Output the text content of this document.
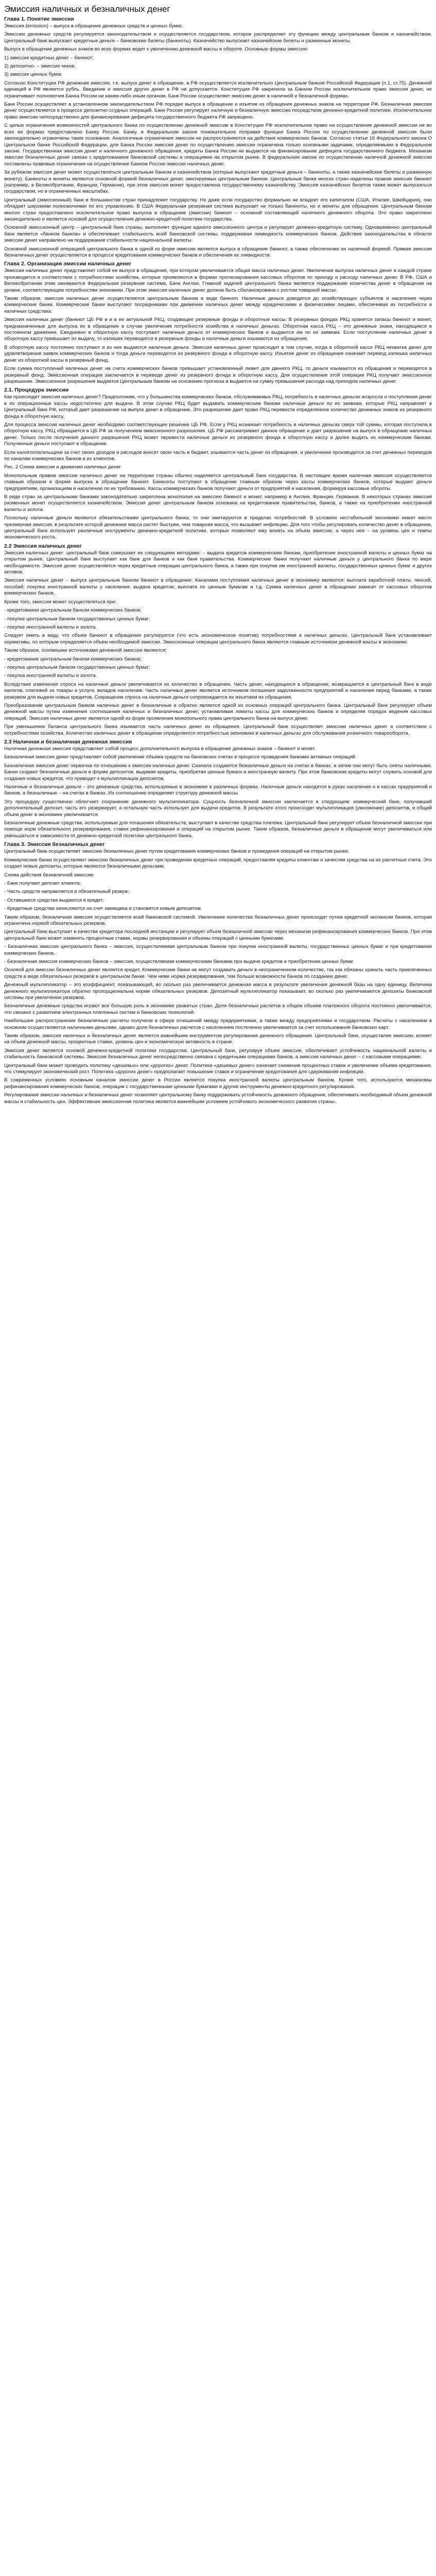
Эмиссия наличных и безналичных денег
Глава 1. Понятие эмиссии

Эмиссия (emission) – выпуск в обращение денежных средств и ценных бумаг.

Эмиссию денежных средств регулируется законодательством и осуществляется государством, которое распределяет эту функцию между центральным банком и казначейством. Центральный банк выпускает кредитные деньги – банковские билеты (банкноты). Казначейство выпускает казначейские билеты и разменные монеты.

Выпуск в обращение денежных знаков во всех формах ведет к увеличению денежной массы в обороте. Основные формы эмиссии:

1) эмиссия кредитных денег – банкнот;

2) депозитно- – эмиссия чеков;

3) эмиссия ценных бумаг.

Согласно Конституции РФ денежная эмиссия, т.е. выпуск денег в обращение, в РФ осуществляется исключительно Центральным банком Российской Федерации (п.1, ст.75). Денежной единицей в РФ является рубль. Введение и эмиссия других денег в РФ не допускается. Конституция РФ закрепила за Банком России исключительное право эмиссии денег, не ограничивает полномочия Банка России ни каким-либо иным органом. Банк России осуществляет эмиссию денег в наличной и безналичной формах.

Банк России осуществляет в установленном законодательством РФ порядке выпуск в обращение и изъятие из обращения денежных знаков на территории РФ. Безналичная эмиссия денег осуществляется в процессе депозитно-ссудных операций. Банк России регулирует наличную и безналичную эмиссию посредством денежно-кредитной политики. Исключительное право эмиссии непосредственно для финансирования дефицита государственного бюджета РФ запрещено.

С целью ограничения возможностей центрального банка по осуществлению денежной эмиссии в Конституции РФ исключительное право на осуществление денежной эмиссии не во всех ее формах предоставлено Банку России. Банку, в Федеральном законе понижательное поправки функции Банка России по осуществлению денежной эмиссии были законодательно ограничены такие основания. Аналогичные ограничения эмиссии не распространяются на действия коммерческих банков. Согласно статье 16 Федерального закона О Центральном банке Российской Федерации, для Банка России эмиссия денег по осуществлению эмиссии ограничена только основными задачами, определяемыми в Федеральном законе. Государственная эмиссия денег и наличного денежного обращения, кредиты Банка России не выдаются на финансирование дефицита государственного бюджета. Механизм эмиссии безналичных денег связан с кредитованием банковской системы и операциями на открытом рынке. В федеральном законе по осуществлению наличной денежной эмиссии поставлены правовые ограничения на осуществление Банком России эмиссии наличных денег.

За рубежом эмиссия денег может осуществляться центральным банком и казначейством (которые выпускают кредитные деньги – банкноты, а также казначейские билеты и разменную монету). Банкноты и монеты являются основной формой безналичных денег, эмитируемых центральным банком. Центральные банки многих стран наделены правом эмиссии банкнот (например, в Великобритании, Франции, Германии), при этом эмиссия монет предоставлена государственному казначейству. Эмиссия казначейских билетов также может выпускаться государством, но в ограниченных масштабах.

Центральный (эмиссионный) банк в большинстве стран принадлежит государству. Но даже если государство формально не владеет его капиталом (США, Италия, Швейцария), оно обладает широкими полномочиями по его управлению. В США Федеральная резервная система выпускает не только банкноты, но и монеты для обращения. Центральным банкам многих стран предоставлено исключительное право выпуска в обращение (эмиссии) банкнот – основной составляющей наличного денежного оборота. Это право закреплено законодательно и является основой для осуществления денежно-кредитной политики государства.

Основной эмиссионный центр – центральный банк страны, выполняет функции единого эмиссионного центра и регулирует денежно-кредитную систему. Одновременно центральный банк является «банком банков» и обеспечивает стабильность всей банковской системы, поддерживая ликвидность коммерческих банков. Действие законодательства в области эмиссии денег направлено на поддержание стабильности национальной валюты.

Основной эмиссионной операцией центрального банка в одной из форм эмиссии является выпуск в обращение банкнот, а также обеспечение их наличной формой. Прямая эмиссия безналичных денег осуществляется в процессе кредитования коммерческих банков и обеспечения их ликвидности.

Глава 2. Организация эмиссии наличных денег

Эмиссия наличных денег представляет собой ее выпуск в обращение, при котором увеличивается общая масса наличных денег. Увеличение выпуска наличных денег в каждой стране производится в соответствии с потребностями хозяйства, которые проявляются в формах прогнозирования кассовых оборотов по приходу и расходу наличных денег. В РФ, США и Великобритании этим занимаются Федеральная резервная система, Банк Англии. Главной задачей центрального банка является поддержание количества денег в обращении на уровне, соответствующем потребностям экономики. При этом эмиссия наличных денег должна быть сбалансирована с ростом товарной массы.

Таким образом, эмиссия наличных денег осуществляется центральным банком в виде банкнот. Наличные деньги доводятся до хозяйствующих субъектов и населения через коммерческие банки. Коммерческие банки выступают посредниками при движении наличных денег между юридическими и физическими лицами, обеспечивая их потребности в наличных средствах.

Эмиссия наличных денег (банкнот ЦБ РФ и и в ее актуальной РКЦ, создающее резервные фонды и оборотные кассы. В резервных фондах РКЦ хранятся запасы банкнот и монет, предназначенные для выпуска их в обращение в случае увеличения потребности хозяйства в наличных деньгах. Оборотная касса РКЦ – это денежные знаки, находящиеся в постоянном движении. Ежедневно в оборотную кассу поступают наличные деньги от коммерческих банков и выдаются им по их заявкам. Если поступление наличных денег в оборотную кассу превышает их выдачу, то излишек переводится в резервные фонды и наличные деньги изымаются из обращения.

В оборотную кассу постоянно поступают и из нее выдаются наличные деньги. Эмиссия наличных денег происходит в том случае, когда в оборотной кассе РКЦ нехватка денег для удовлетворения заявок коммерческих банков и тогда деньги переводятся из резервного фонда в оборотную кассу. Изъятие денег из обращения означает перевод излишка наличных денег из оборотной кассы в резервный фонд.

Если сумма поступлений наличных денег на счета коммерческих банков превышает установленный лимит для данного РКЦ, то деньги изымаются из обращения и переводятся в резервный фонд. Эмиссионная операция заключается в переводе денег из резервного фонда в оборотную кассу. Для осуществления этой операции РКЦ получает эмиссионное разрешение. Эмиссионное разрешение выдается Центральным банком на основании прогноза и выдается на сумму превышения расхода над приходом наличных денег.

2.1. Процедура эмиссии

Как происходит эмиссия наличных денег? Предположим, что у большинства коммерческих банков, обслуживаемых РКЦ, потребность в наличных деньгах возросла и поступления денег в их операционные кассы недостаточно для выдачи. В этом случае РКЦ будет выдавать коммерческим банкам наличные деньги по их заявкам, которые РКЦ направляет в Центральный банк РФ, который дает разрешение на выпуск денег в обращение. Это разрешение дает право РКЦ перевести определенное количество денежных знаков из резервного фонда в оборотную кассу.

Для процесса эмиссии наличных денег необходимо соответствующее решение ЦБ РФ. Если у РКЦ возникает потребность в наличных деньгах сверх той суммы, которая поступила в оборотную кассу, РКЦ обращается в ЦБ РФ за получением эмиссионного разрешения. ЦБ РФ рассматривает данное обращение и дает разрешение на выпуск в обращение наличных денег. Только после получения данного разрешения РКЦ может перевести наличные деньги из резервного фонда в оборотную кассу и далее выдать их коммерческим банкам. Полученные деньги поступают в обращение.

Если налогоплательщики за счет своих доходов и расходов вносят свою часть в бюджет, изымается часть денег из обращения, и увеличение производится за счет денежных переводов по каналам коммерческих банков и их клиентов.

Рис. 2 Схема эмиссии и движения наличных денег

Монопольным правом эмиссии наличных денег на территории страны обычно наделяется центральный банк государства. В настоящее время наличная эмиссия осуществляется главным образом в форме выпуска в обращение банкнот. Банкноты поступают в обращение главным образом через кассы коммерческих банков, которые выдают деньги предприятиям, организациям и населению по их требованию. Кассы коммерческих банков получают деньги от предприятий и населения, формируя кассовые обороты.

В ряде стран за центральными банками законодательно закреплена монополия на эмиссию банкнот и монет, например в Англии, Франции, Германии. В некоторых странах эмиссия разменных монет осуществляется казначейством. Эмиссия денег центральным банком основана на кредитовании правительства, банков, а также на приобретении иностранной валюты и золота.

Поскольку наличные деньги являются обязательствами центрального банка, то они эмитируются в пределах потребностей. В условиях нестабильной экономики имеет место чрезмерная эмиссия, в результате которой денежная масса растет быстрее, чем товарная масса, что вызывает инфляцию. Для того чтобы регулировать количество денег в обращении, центральный банк использует различные инструменты денежно-кредитной политики, которые позволяют ему влиять на объем эмиссии, а через нее – на уровень цен и темпы экономического роста.

2.2 Эмиссия наличных денег

Эмиссия наличных денег: центральный банк совершает ее следующими методами: – выдача кредитов коммерческим банкам, приобретение иностранной валюты и ценных бумаг на открытом рынке. Центральный банк выступает как банк для банков и как банк правительства. Коммерческие банки получают наличные деньги у центрального банка по мере необходимости. Эмиссия денег осуществляется через кредитные операции центрального банка, а также при покупке им иностранной валюты, государственных ценных бумаг и других активов.

Эмиссия наличных денег – выпуск центральным банком банкнот в обращение. Каналами поступления наличных денег в экономику являются: выплата заработной платы, пенсий, пособий; покупка иностранной валюты у населения; выдача кредитов; выплата по ценным бумагам и т.д. Сумма наличных денег в обращении зависит от кассовых оборотов коммерческих банков.

Кроме того, эмиссия может осуществляться при:

- кредитовании центральным банком коммерческих банков;

- покупке центральным банком государственных ценных бумаг;

- покупке иностранной валюты и золота.

Следует иметь в виду, что объем банкнот в обращении регулируется (что есть экономическое понятие) потребностями в наличных деньгах. Центральный банк устанавливает нормативы, по которым определяется объем необходимой эмиссии. Эмиссионные операции центрального банка являются главным источником денежной массы в экономике.

Таким образом, основными источниками денежной эмиссии являются:

- кредитование центральным банком коммерческих банков;

- покупка центральным банком государственных ценных бумаг;

- покупка иностранной валюты и золота.

Вследствие изменения спроса на наличные деньги увеличивается их количество в обращении. Часть денег, находящихся в обращении, возвращается в центральный банк в виде налогов, платежей за товары и услуги, вкладов населения. Часть наличных денег является источником погашения задолженности предприятий и населения перед банками, а также резервом для выдачи новых кредитов. Сокращение спроса на наличные деньги сопровождается их изъятием из обращения.

Преобразование центральным банком наличных денег в безналичные и обратно является одной из основных операций центрального банка. Центральный банк регулирует объем денежной массы путем изменения соотношения наличных и безналичных денег, устанавливая лимиты кассы для коммерческих банков и определяя порядок ведения кассовых операций. Эмиссия наличных денег является одной из форм проявления монопольного права центрального банка на выпуск денег.

При уменьшении баланса центрального банка изымается часть наличных денег из обращения. Центральный банк осуществляет эмиссию наличных денег в соответствии с потребностями хозяйства. Количество наличных денег в обращении определяется потребностью экономики в наличных деньгах для обслуживания розничного товарооборота.

2.3 Наличная и безналичная денежная эмиссия

Наличная денежная эмиссия представляет собой процесс дополнительного выпуска в обращение денежных знаков – банкнот и монет.

Безналичная эмиссия денег представляет собой увеличение объема средств на банковских счетах в процессе проведения банками активных операций.

Безналичная эмиссия денег первична по отношению к эмиссии наличных денег. Сначала создаются безналичные деньги на счетах в банках, а затем они могут быть сняты наличными. Банки создают безналичные деньги в форме депозитов, выдавая кредиты, приобретая ценные бумаги и иностранную валюту. При этом банковские кредиты могут служить основой для создания новых кредитов, что приводит к мультипликации депозитов.

Наличные и безналичные деньги – это денежные средства, используемые в экономике в различных формах. Наличные деньги находятся в руках населения и в кассах предприятий и банков, а безналичные – на счетах в банках. Их соотношение определяет структуру денежной массы.

Эту процедуру существенно облегчает сохранение денежного мультипликатора. Сущность безналичной эмиссии заключается в следующем: коммерческий банк, получивший дополнительный депозит, часть его резервирует, а остальную часть использует для выдачи кредитов. В результате этого происходит мультипликация (умножение) депозитов, и общий объем денег в экономике увеличивается.

Безналичные денежные средства, используемые для погашения обязательств, выступают в качестве средства платежа. Центральный банк регулирует объем безналичной эмиссии при помощи норм обязательного резервирования, ставки рефинансирования и операций на открытом рынке. Таким образом, безналичные деньги в обращении могут увеличиваться или уменьшаться в зависимости от денежно-кредитной политики центрального банка.

Глава 3. Эмиссия безналичных денег

Центральный банк осуществляет эмиссию безналичных денег путем кредитования коммерческих банков и проведения операций на открытом рынке.

Коммерческие банки осуществляют эмиссию безналичных денег при проведении кредитных операций, предоставляя кредиты клиентам и зачисляя средства на их расчетные счета. Это создает новые депозиты, которые являются безналичными деньгами.

Схема действия безналичной эмиссии:

- Банк получает депозит клиента;

- Часть средств направляется в обязательный резерв;

- Оставшиеся средства выдаются в кредит;

- Кредитные средства зачисляются на счет заемщика и становятся новым депозитом.

Таким образом, безналичная эмиссия осуществляется всей банковской системой. Увеличение количества безналичных денег происходит путем кредитной экспансии банков, которая ограничена нормой обязательных резервов.

Центральный банк выступает в качестве кредитора последней инстанции и регулирует объем безналичной эмиссии через механизм рефинансирования коммерческих банков. При этом центральный банк может изменять процентные ставки, нормы резервирования и объемы операций с ценными бумагами.

- Безналичная эмиссия центрального банка – эмиссия, осуществляемая центральным банком при покупке иностранной валюты, государственных ценных бумаг и при кредитовании коммерческих банков.

- Безналичная эмиссия коммерческих банков – эмиссия, осуществляемая коммерческими банками при выдаче кредитов и приобретении ценных бумаг.

Основой для эмиссии безналичных денег является кредит. Коммерческие банки не могут создавать деньги в неограниченном количестве, так как обязаны хранить часть привлеченных средств в виде обязательных резервов в центральном банке. Чем ниже норма резервирования, тем больше возможности банков по созданию денег.

Денежный мультипликатор – это коэффициент, показывающий, во сколько раз увеличивается денежная масса в результате увеличения денежной базы на одну единицу. Величина денежного мультипликатора обратно пропорциональна норме обязательных резервов. Депозитный мультипликатор показывает, во сколько раз увеличиваются депозиты банковской системы при увеличении резервов.

Безналичные денежные средства играют все большую роль в экономике развитых стран. Доля безналичных расчетов в общем объеме платежного оборота постоянно увеличивается, что связано с развитием электронных платежных систем и банковских технологий.

Наибольшее распространение безналичные расчеты получили в сфере отношений между предприятиями, а также между предприятиями и государством. Расчеты с населением в основном осуществляются наличными деньгами, однако доля безналичных расчетов с населением постепенно увеличивается за счет использования банковских карт.

Таким образом, эмиссия наличных и безналичных денег является важнейшим инструментом регулирования денежного обращения. Центральный банк, осуществляя эмиссию, влияет на объем денежной массы, процентные ставки, уровень цен и экономическую активность в стране.

Эмиссия денег является основой денежно-кредитной политики государства. Центральный банк, регулируя объем эмиссии, обеспечивает устойчивость национальной валюты и стабильность банковской системы. Эмиссия безналичных денег непосредственно связана с кредитными операциями банков, а эмиссия наличных денег – с кассовыми операциями.

Центральный банк может проводить политику «дешевых» или «дорогих» денег. Политика «дешевых денег» означает снижение процентных ставок и увеличение объема кредитования, что стимулирует экономический рост. Политика «дорогих денег» предполагает повышение ставок и ограничение кредитования для сдерживания инфляции.

В современных условиях основным каналом эмиссии денег в России является покупка иностранной валюты центральным банком. Кроме того, используются механизмы рефинансирования коммерческих банков, операции с государственными ценными бумагами и другие инструменты денежно-кредитного регулирования.

Регулирование эмиссии наличных и безналичных денег позволяет центральному банку поддерживать устойчивость денежного обращения, обеспечивать необходимый объем денежной массы и стабильность цен. Эффективная эмиссионная политика является важнейшим условием устойчивого экономического развития страны.
